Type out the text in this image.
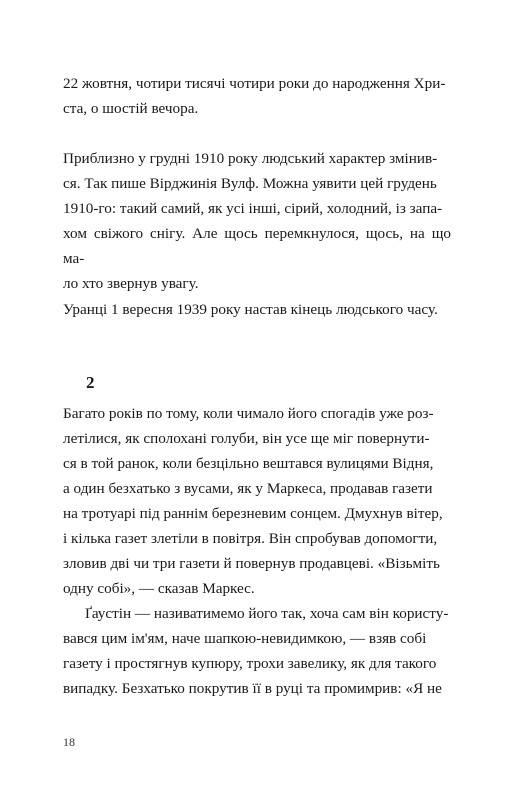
22 жовтня, чотири тисячі чотири роки до народження Хри-
ста, о шостій вечора.

Приблизно у грудні 1910 року людський характер змінив-
ся. Так пише Вірджинія Вулф. Можна уявити цей грудень
1910-го: такий самий, як усі інші, сірий, холодний, із запа-
хом свіжого снігу. Але щось перемкнулося, щось, на що ма-
ло хто звернув увагу.

Уранці 1 вересня 1939 року настав кінець людського часу.

2

Багато років по тому, коли чимало його спогадів уже роз-
летілися, як сполохані голуби, він усе ще міг повернути-
ся в той ранок, коли безцільно вештався вулицями Відня,
а один безхатько з вусами, як у Маркеса, продавав газети
на тротуарі під раннім березневим сонцем. Дмухнув вітер,
і кілька газет злетіли в повітря. Він спробував допомогти,
зловив дві чи три газети й повернув продавцеві. «Візьміть
одну собі», — сказав Маркес.

Ґаустін — називатимемо його так, хоча сам він користу-
вався цим ім'ям, наче шапкою-невидимкою, — взяв собі
газету і простягнув купюру, трохи завелику, як для такого
випадку. Безхатько покрутив її в руці та промимрив: «Я не

18
